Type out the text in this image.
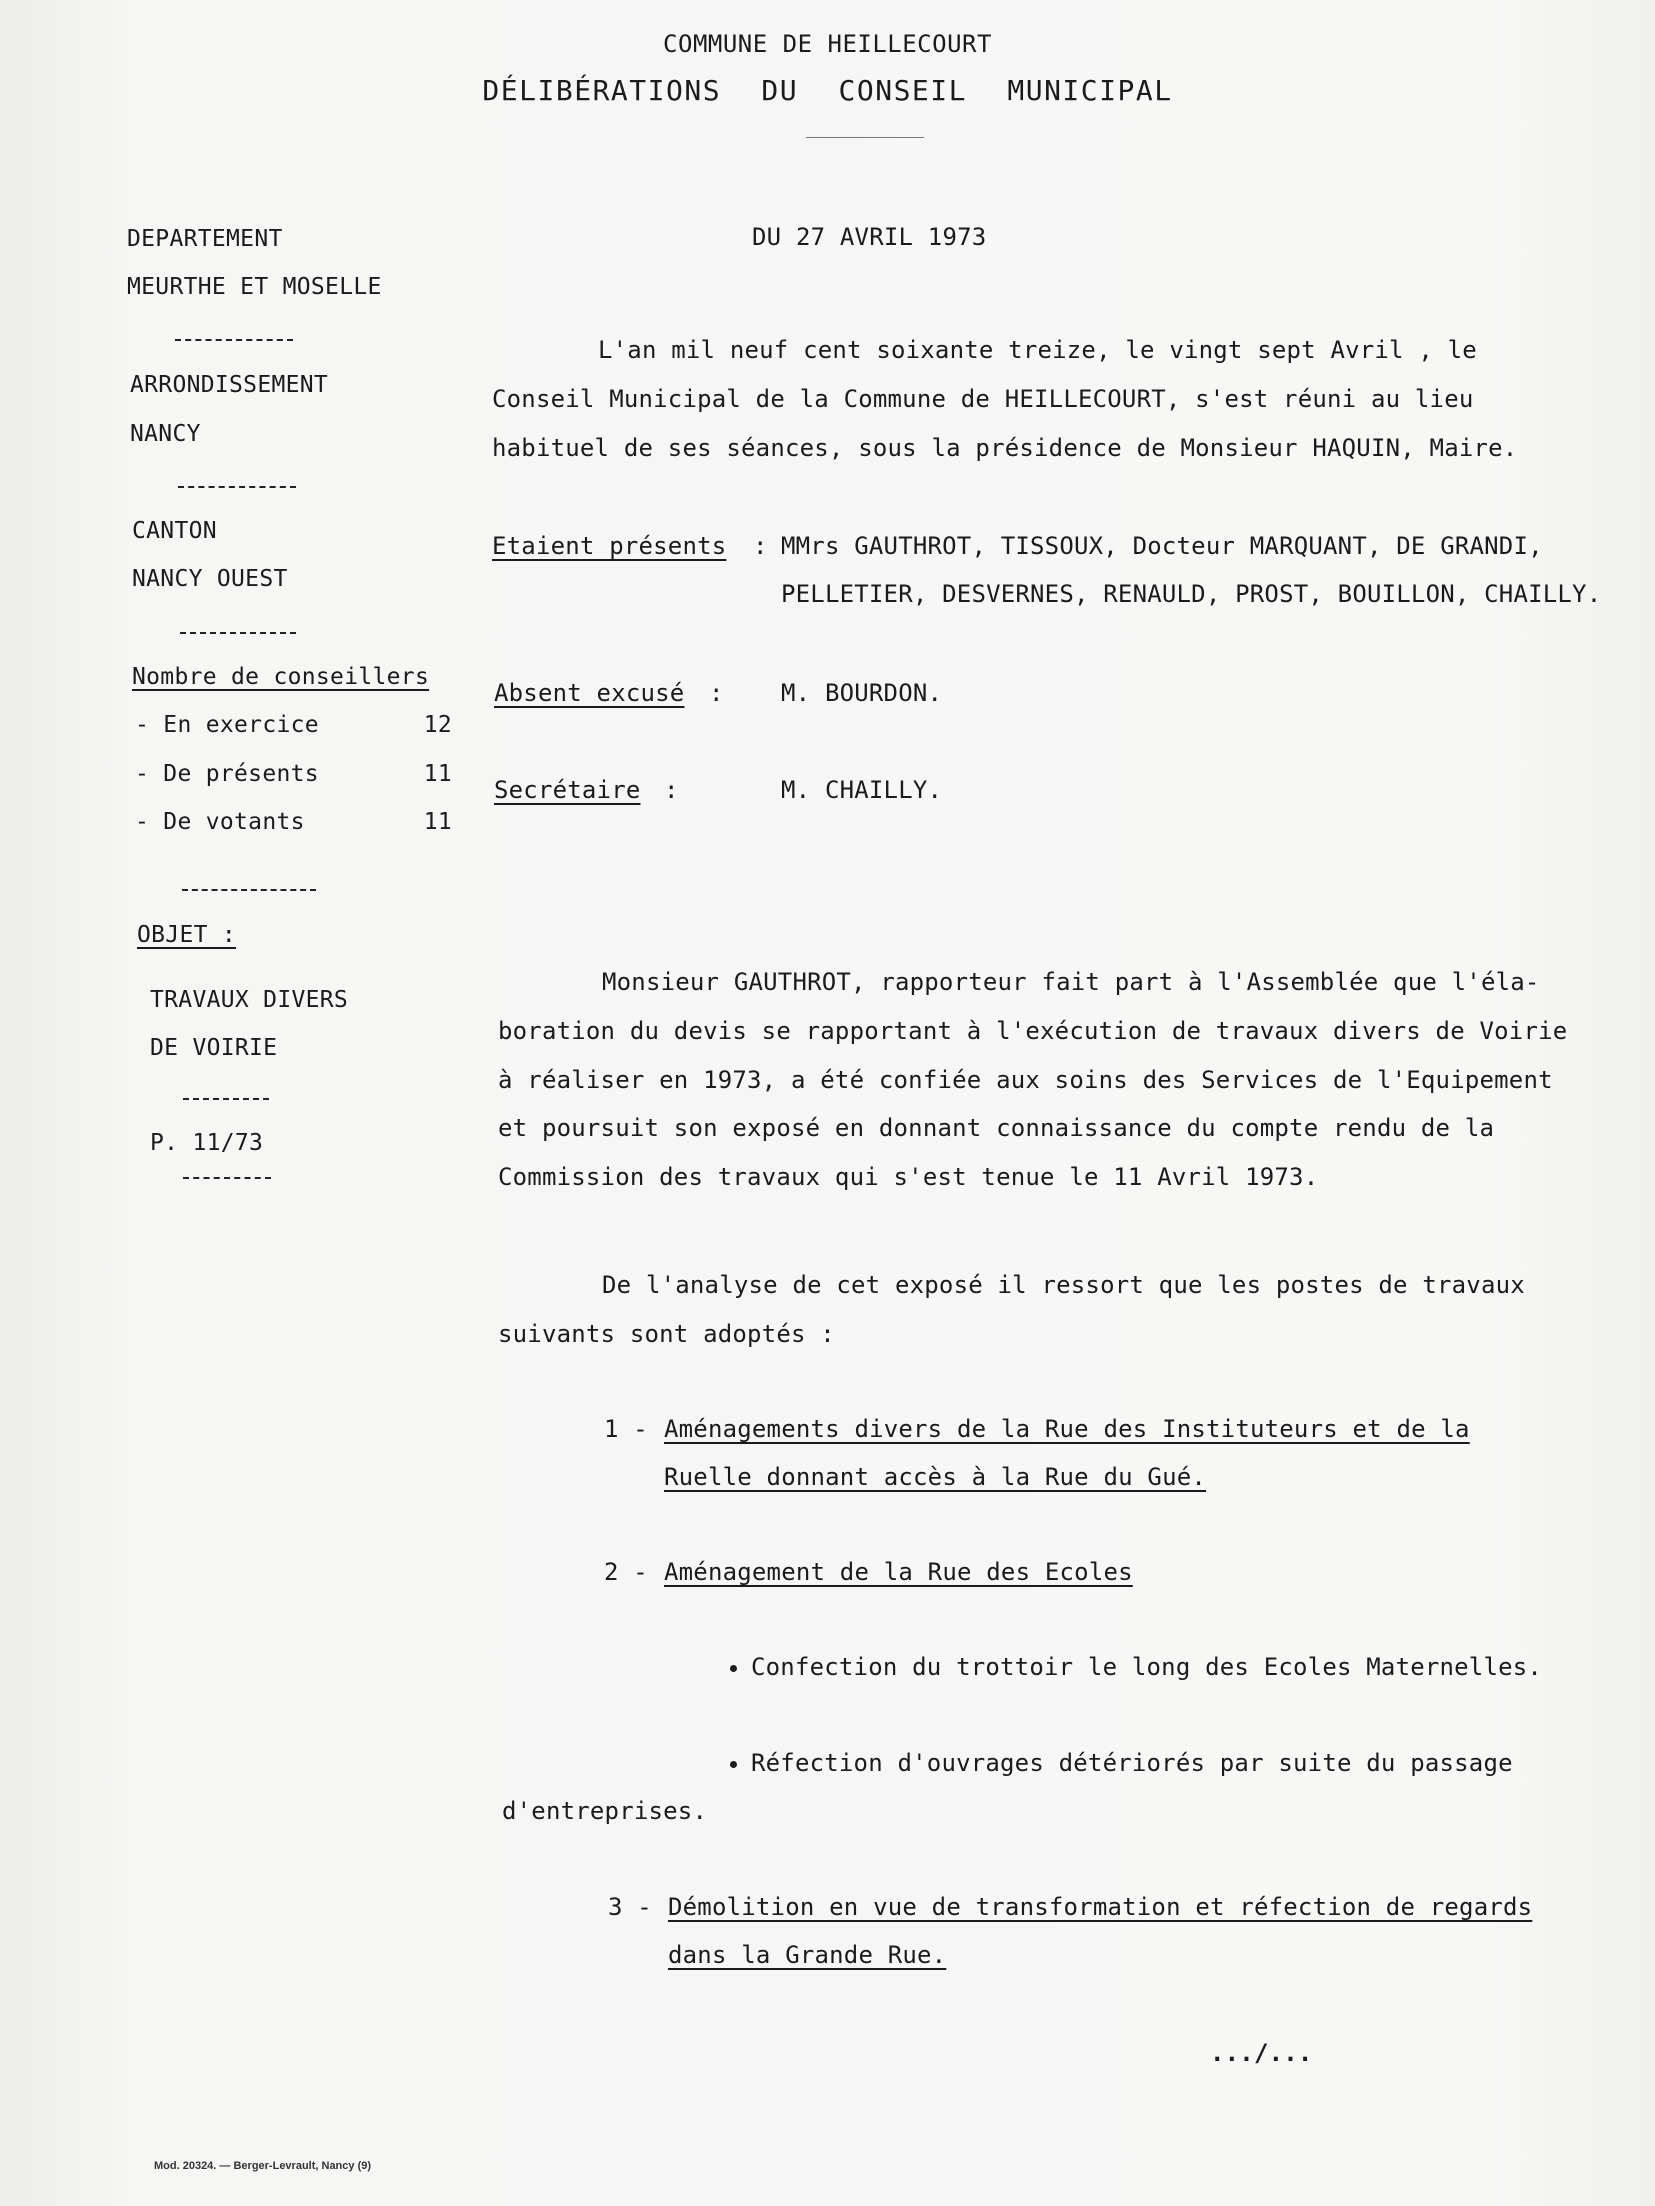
COMMUNE DE HEILLECOURT
DÉLIBÉRATIONS DU CONSEIL MUNICIPAL
DEPARTEMENT
MEURTHE ET MOSELLE
ARRONDISSEMENT
NANCY
CANTON
NANCY OUEST
Nombre de conseillers
- En exercice	12
- De présents	11
- De votants	11
OBJET :
TRAVAUX DIVERS
DE VOIRIE
P. 11/73
DU 27 AVRIL 1973
L'an mil neuf cent soixante treize, le vingt sept Avril , le
Conseil Municipal de la Commune de HEILLECOURT, s'est réuni au lieu
habituel de ses séances, sous la présidence de Monsieur HAQUIN, Maire.
Etaient présents : MMrs GAUTHROT, TISSOUX, Docteur MARQUANT, DE GRANDI,
PELLETIER, DESVERNES, RENAULD, PROST, BOUILLON, CHAILLY.
Absent excusé : M. BOURDON.
Secrétaire :	M. CHAILLY.
Monsieur GAUTHROT, rapporteur fait part à l'Assemblée que l'éla-
boration du devis se rapportant à l'exécution de travaux divers de Voirie
à réaliser en 1973, a été confiée aux soins des Services de l'Equipement
et poursuit son exposé en donnant connaissance du compte rendu de la
Commission des travaux qui s'est tenue le 11 Avril 1973.
De l'analyse de cet exposé il ressort que les postes de travaux
suivants sont adoptés :
1 - Aménagements divers de la Rue des Instituteurs et de la
Ruelle donnant accès à la Rue du Gué.
2 - Aménagement de la Rue des Ecoles
Confection du trottoir le long des Ecoles Maternelles.
Réfection d'ouvrages détériorés par suite du passage
d'entreprises.
3 - Démolition en vue de transformation et réfection de regards
dans la Grande Rue.
.../...
Mod. 20324. — Berger-Levrault, Nancy (9)
